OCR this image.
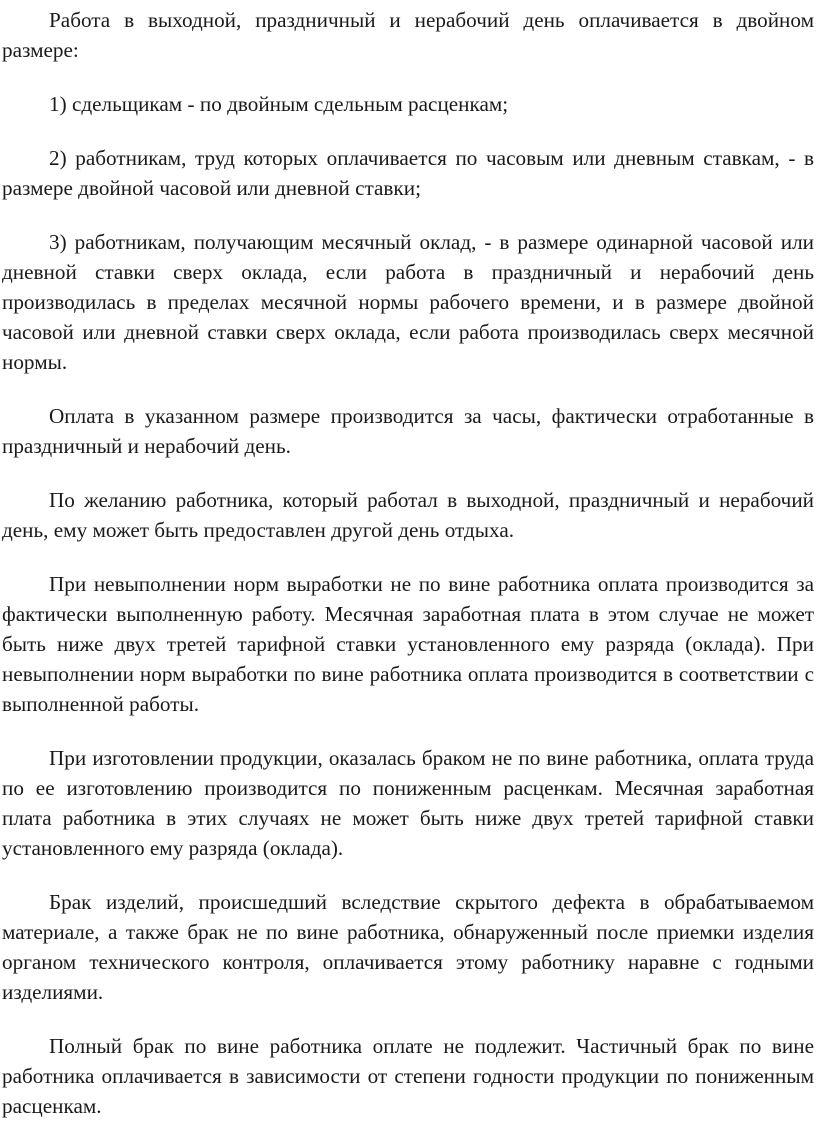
Работа в выходной, праздничный и нерабочий день оплачивается в двойном размере:

1) сдельщикам - по двойным сдельным расценкам;

2) работникам, труд которых оплачивается по часовым или дневным ставкам, - в размере двойной часовой или дневной ставки;

3) работникам, получающим месячный оклад, - в размере одинарной часовой или дневной ставки сверх оклада, если работа в праздничный и нерабочий день производилась в пределах месячной нормы рабочего времени, и в размере двойной часовой или дневной ставки сверх оклада, если работа производилась сверх месячной нормы.

Оплата в указанном размере производится за часы, фактически отработанные в праздничный и нерабочий день.

По желанию работника, который работал в выходной, праздничный и нерабочий день, ему может быть предоставлен другой день отдыха.

При невыполнении норм выработки не по вине работника оплата производится за фактически выполненную работу. Месячная заработная плата в этом случае не может быть ниже двух третей тарифной ставки установленного ему разряда (оклада). При невыполнении норм выработки по вине работника оплата производится в соответствии с выполненной работы.

При изготовлении продукции, оказалась браком не по вине работника, оплата труда по ее изготовлению производится по пониженным расценкам. Месячная заработная плата работника в этих случаях не может быть ниже двух третей тарифной ставки установленного ему разряда (оклада).

Брак изделий, происшедший вследствие скрытого дефекта в обрабатываемом материале, а также брак не по вине работника, обнаруженный после приемки изделия органом технического контроля, оплачивается этому работнику наравне с годными изделиями.

Полный брак по вине работника оплате не подлежит. Частичный брак по вине работника оплачивается в зависимости от степени годности продукции по пониженным расценкам.
